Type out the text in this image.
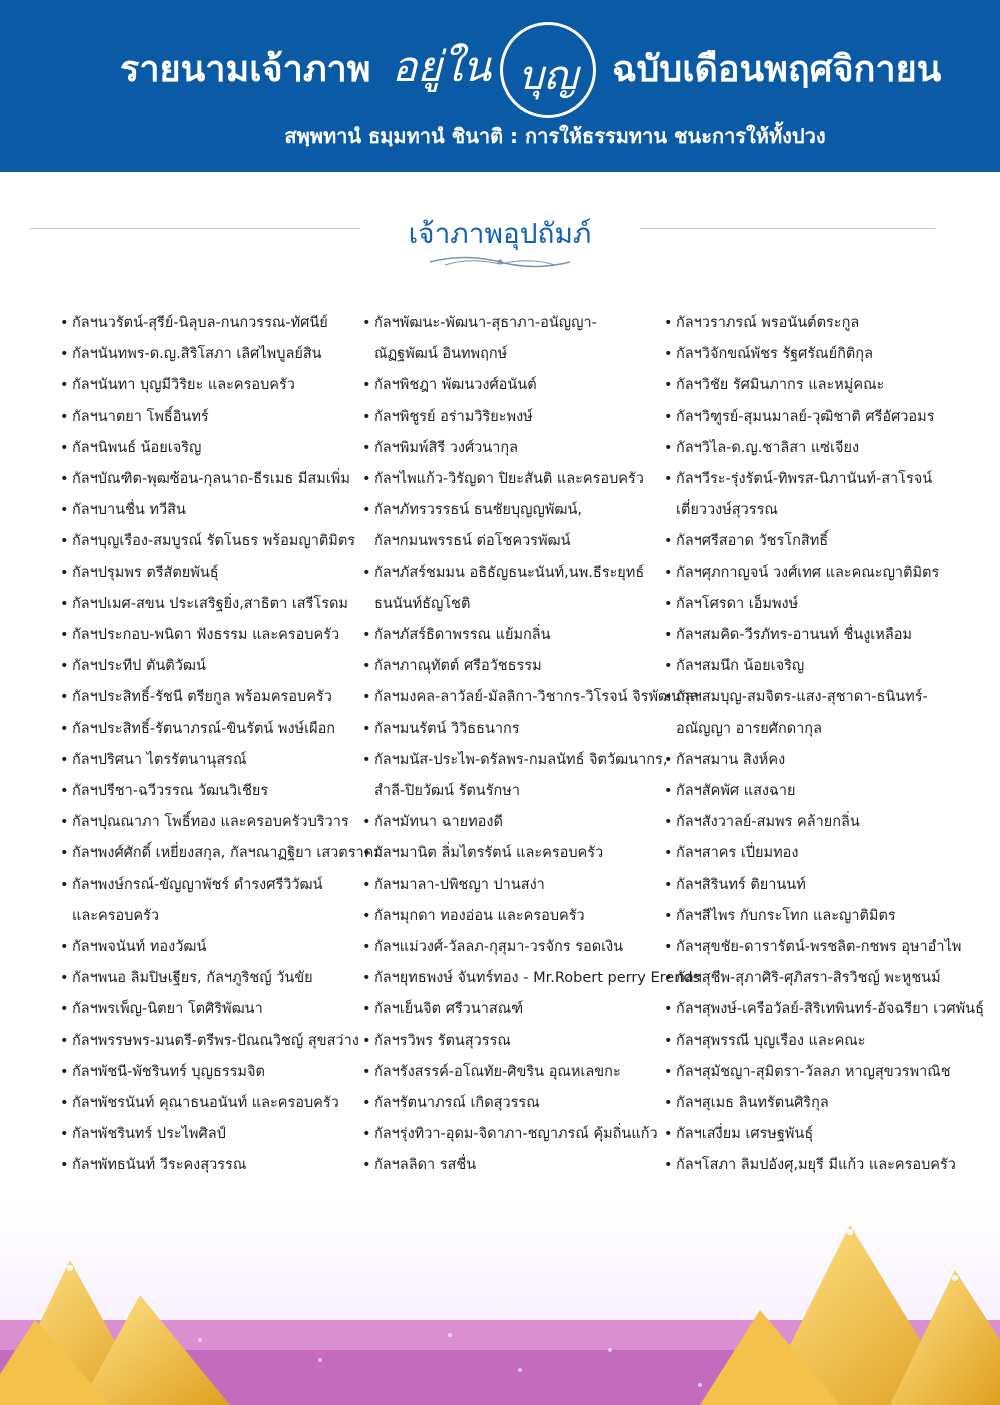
รายนามเจ้าภาพ อยู่ใน บุญ ฉบับเดือนพฤศจิกายน
สพฺพทานํ ธมฺมทานํ ชินาติ : การให้ธรรมทาน ชนะการให้ทั้งปวง
เจ้าภาพอุปถัมภ์
• กัลฯนวรัตน์-สุรีย์-นิลุบล-กนกวรรณ-ทัศนีย์
• กัลฯนันทพร-ด.ญ.สิริโสภา เลิศไพบูลย์สิน
• กัลฯนันทา บุญมีวิริยะ และครอบครัว
• กัลฯนาตยา โพธิ์อินทร์
• กัลฯนิพนธ์ น้อยเจริญ
• กัลฯบัณฑิต-พุฒซ้อน-กุลนาถ-ธีรเมธ มีสมเพิ่ม
• กัลฯบานชื่น ทวีสิน
• กัลฯบุญเรือง-สมบูรณ์ รัตโนธร พร้อมญาติมิตร
• กัลฯปรุมพร ตรีสัตยพันธุ์
• กัลฯปเมศ-สขน ประเสริฐยิ่ง,สาธิตา เสรีโรดม
• กัลฯประกอบ-พนิดา ฟังธรรม และครอบครัว
• กัลฯประทีป ตันติวัฒน์
• กัลฯประสิทธิ์-รัชนี ตรียกูล พร้อมครอบครัว
• กัลฯประสิทธิ์-รัตนาภรณ์-ขินรัตน์ พงษ์เผือก
• กัลฯปริศนา ไตรรัตนานุสรณ์
• กัลฯปรีชา-ฉวีวรรณ วัฒนวิเชียร
• กัลฯปุณณาภา โพธิ์ทอง และครอบครัวบริวาร
• กัลฯพงศ์ศักดิ์ เหยี่ยงสกุล, กัลฯณาฏฐิยา เสวตราคม
• กัลฯพงษ์กรณ์-ขัญญาพัชร์ ดำรงศรีวิวัฒน์
และครอบครัว
• กัลฯพจนันท์ ทองวัฒน์
• กัลฯพนอ ลิมปิษเฐียร, กัลฯภูริชญ์ วันขัย
• กัลฯพรเพ็ญ-นิตยา โตศิริพัฒนา
• กัลฯพรรษพร-มนตรี-ตรีพร-ปัณณวิชญ์ สุขสว่าง
• กัลฯพัชนี-พัชรินทร์ บุญธรรมจิต
• กัลฯพัชรนันท์ คุณาธนอนันท์ และครอบครัว
• กัลฯพัชรินทร์ ประไพศิลป์
• กัลฯพัทธนันท์ วีระคงสุวรรณ
• กัลฯพัฒนะ-พัฒนา-สุธาภา-อนัญญา-
ณัฏฐพัฒน์ อินทพฤกษ์
• กัลฯพิชฎา พัฒนวงศ์อนันต์
• กัลฯพิชูรย์ อร่ามวิริยะพงษ์
• กัลฯพิมพ์สิรี วงศ์วนากุล
• กัลฯไพแก้ว-วิรัญดา ปิยะสันติ และครอบครัว
• กัลฯภัทรวรรธน์ ธนชัยบุญญพัฒน์,
กัลฯกมนพรรธน์ ต่อโชควรพัฒน์
• กัลฯภัสร์ชมมน อธิธัญธนะนันท์,นพ.ธีระยุทธ์
ธนนันท์ธัญโชติ
• กัลฯภัสร์ธิดาพรรณ แย้มกลิ่น
• กัลฯภาณุทัตต์ ศรีอวัชธรรม
• กัลฯมงคล-ลาวัลย์-มัลลิกา-วิชากร-วิโรจน์ จิรพัฒนกุล
• กัลฯมนรัตน์ วิวิธธนากร
• กัลฯมนัส-ประไพ-ดรัลพร-กมลนัทธ์ จิตวัฒนากร,
สำลี-ปิยวัฒน์ รัตนรักษา
• กัลฯมัทนา ฉายทองดี
• กัลฯมานิต ลิ่มไตรรัตน์ และครอบครัว
• กัลฯมาลา-ปพิชญา ปานสง่า
• กัลฯมุกดา ทองอ่อน และครอบครัว
• กัลฯแม่วงศ์-วัลลภ-กุสุมา-วรจักร รอดเงิน
• กัลฯยุทธพงษ์ จันทร์ทอง - Mr.Robert perry Erends
• กัลฯเย็นจิต ศรีวนาสณฑ์
• กัลฯรวิพร รัตนสุวรรณ
• กัลฯรังสรรค์-อโณทัย-ศิขริน อุณหเลขกะ
• กัลฯรัตนาภรณ์ เกิดสุวรรณ
• กัลฯรุ่งทิวา-อุดม-จิดาภา-ชญาภรณ์ คุ้มถิ่นแก้ว
• กัลฯลลิดา รสชื่น
• กัลฯวราภรณ์ พรอนันต์ตระกูล
• กัลฯวิจักขณ์พัชร รัฐศรัณย์กิติกุล
• กัลฯวิชัย รัศมินภากร และหมู่คณะ
• กัลฯวิฑูรย์-สุมนมาลย์-วุฒิชาติ ศรีอัศวอมร
• กัลฯวิไล-ด.ญ.ชาลิสา แซ่เจียง
• กัลฯวีระ-รุ่งรัตน์-ทิพรส-นิภานันท์-สาโรจน์
เตี่ยววงษ์สุวรรณ
• กัลฯศรีสอาด วัชรโกสิทธิ์
• กัลฯศุภกาญจน์ วงศ์เทศ และคณะญาติมิตร
• กัลฯโศรดา เอ็มพงษ์
• กัลฯสมคิด-วีรภัทร-อานนท์ ชื่นงูเหลือม
• กัลฯสมนึก น้อยเจริญ
• กัลฯสมบุญ-สมจิตร-แสง-สุชาดา-ธนินทร์-
อณัญญา อารยศักดากุล
• กัลฯสมาน สิงห์คง
• กัลฯสัคพัศ แสงฉาย
• กัลฯสังวาลย์-สมพร คล้ายกลิ่น
• กัลฯสาคร เปี่ยมทอง
• กัลฯสิรินทร์ ติยานนท์
• กัลฯสีไพร กับกระโทก และญาติมิตร
• กัลฯสุขชัย-ดารารัตน์-พรชลิต-กชพร อุษาอำไพ
• กัลฯสุชีพ-สุภาศิริ-ศุภิสรา-สิรวิชญ์ พะหูชนม์
• กัลฯสุพงษ์-เครือวัลย์-สิริเทพินทร์-อัจฉรียา เวศพันธุ์
• กัลฯสุพรรณี บุญเรือง และคณะ
• กัลฯสุมัชญา-สุมิตรา-วัลลภ หาญสุขวรพาณิช
• กัลฯสุเมธ ลินทรัตนศิริกุล
• กัลฯเสงี่ยม เศรษฐพันธุ์
• กัลฯโสภา ลิมปอังศุ,มยุรี มีแก้ว และครอบครัว
